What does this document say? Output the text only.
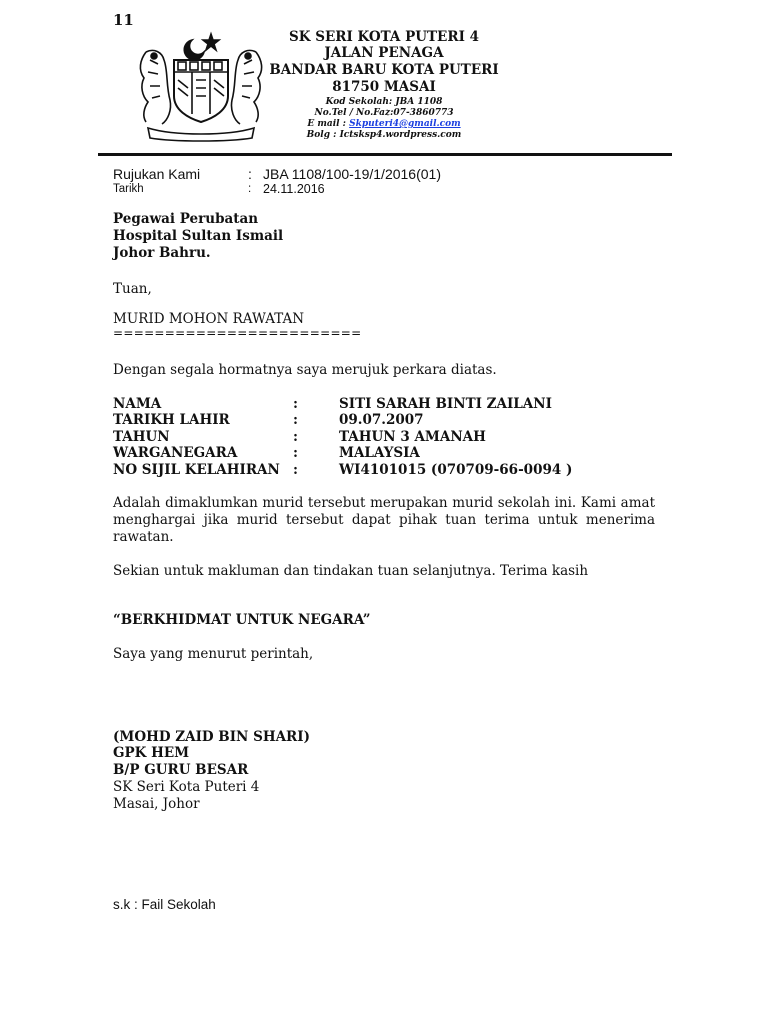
11
SK SERI KOTA PUTERI 4
JALAN PENAGA
BANDAR BARU KOTA PUTERI
81750 MASAI
Kod Sekolah: JBA 1108
No.Tel / No.Faz:07-3860773
E mail : Skputeri4@gmail.com
Bolg : Ictsksp4.wordpress.com
Rujukan Kami	: JBA 1108/100-19/1/2016(01)
Tarikh	: 24.11.2016
Pegawai Perubatan
Hospital Sultan Ismail
Johor Bahru.
Tuan,
MURID MOHON RAWATAN
========================
Dengan segala hormatnya saya merujuk perkara diatas.
NAMA	:	SITI SARAH BINTI ZAILANI
TARIKH LAHIR	:	09.07.2007
TAHUN	:	TAHUN 3 AMANAH
WARGANEGARA	:	MALAYSIA
NO SIJIL KELAHIRAN :	WI4101015 (070709-66-0094 )
Adalah dimaklumkan murid tersebut merupakan murid sekolah ini. Kami amat menghargai jika murid tersebut dapat pihak tuan terima untuk menerima rawatan.
Sekian untuk makluman dan tindakan tuan selanjutnya. Terima kasih
“BERKHIDMAT UNTUK NEGARA”
Saya yang menurut perintah,
(MOHD ZAID BIN SHARI)
GPK HEM
B/P GURU BESAR
SK Seri Kota Puteri 4
Masai, Johor
s.k : Fail Sekolah
